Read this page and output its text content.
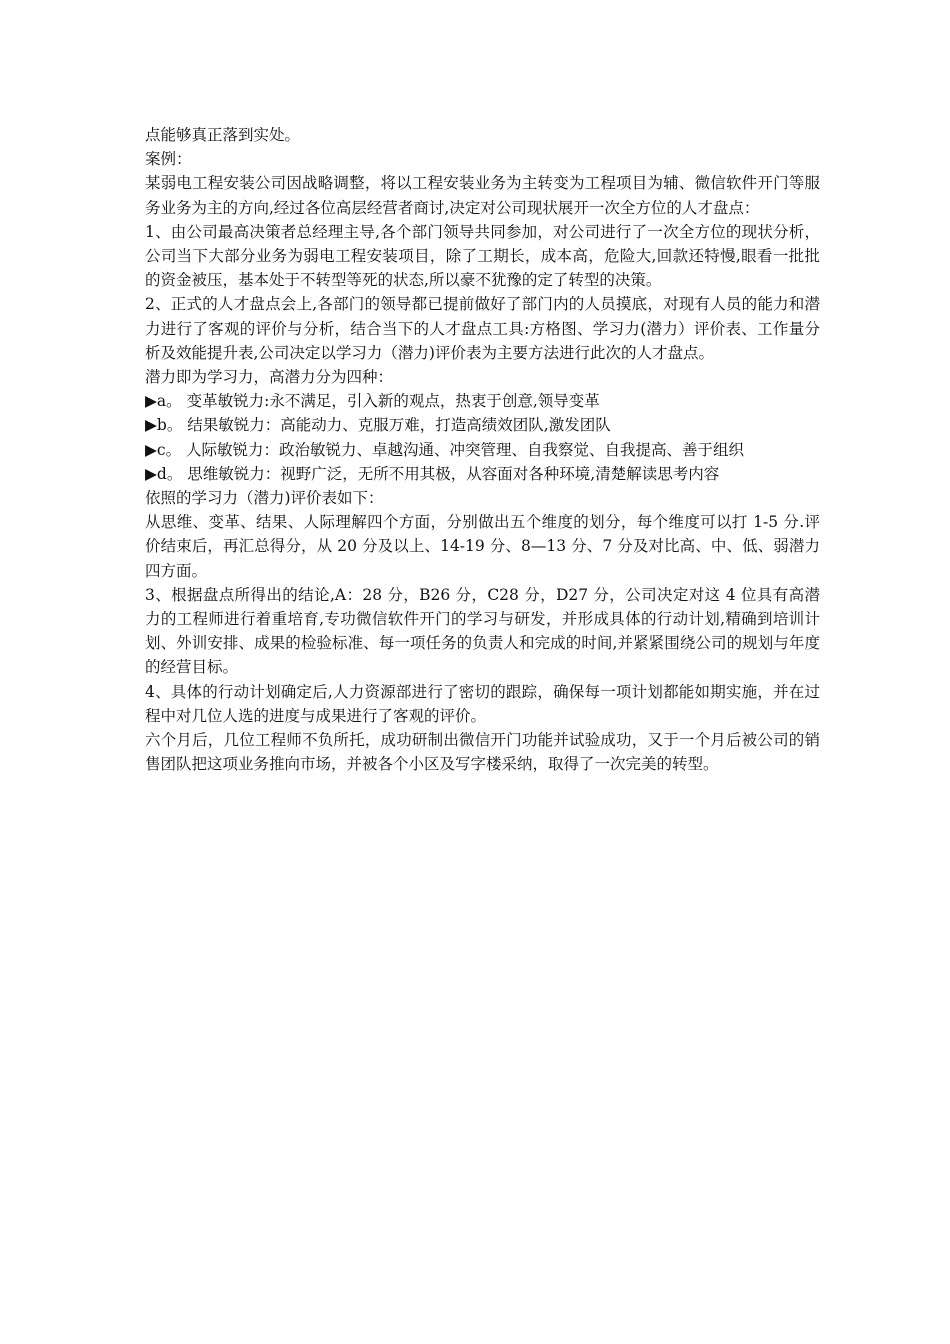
点能够真正落到实处。

案例：

某弱电工程安装公司因战略调整，将以工程安装业务为主转变为工程项目为辅、微信软件开门等服务业务为主的方向,经过各位高层经营者商讨,决定对公司现状展开一次全方位的人才盘点：

1、由公司最高决策者总经理主导,各个部门领导共同参加，对公司进行了一次全方位的现状分析，公司当下大部分业务为弱电工程安装项目，除了工期长，成本高，危险大,回款还特慢,眼看一批批的资金被压，基本处于不转型等死的状态,所以豪不犹豫的定了转型的决策。

2、正式的人才盘点会上,各部门的领导都已提前做好了部门内的人员摸底，对现有人员的能力和潜力进行了客观的评价与分析，结合当下的人才盘点工具:方格图、学习力(潜力）评价表、工作量分析及效能提升表,公司决定以学习力（潜力)评价表为主要方法进行此次的人才盘点。

潜力即为学习力，高潜力分为四种：

▶a。 变革敏锐力:永不满足，引入新的观点，热衷于创意,领导变革
▶b。 结果敏锐力：高能动力、克服万难，打造高绩效团队,激发团队
▶c。 人际敏锐力：政治敏锐力、卓越沟通、冲突管理、自我察觉、自我提高、善于组织
▶d。 思维敏锐力：视野广泛，无所不用其极，从容面对各种环境,清楚解读思考内容

依照的学习力（潜力)评价表如下：

从思维、变革、结果、人际理解四个方面，分别做出五个维度的划分，每个维度可以打 1-5 分.评价结束后，再汇总得分，从 20 分及以上、14-19 分、8—13 分、7 分及对比高、中、低、弱潜力四方面。

3、根据盘点所得出的结论,A：28 分，B26 分，C28 分，D27 分，公司决定对这 4 位具有高潜力的工程师进行着重培育,专功微信软件开门的学习与研发，并形成具体的行动计划,精确到培训计划、外训安排、成果的检验标准、每一项任务的负责人和完成的时间,并紧紧围绕公司的规划与年度的经营目标。

4、具体的行动计划确定后,人力资源部进行了密切的跟踪，确保每一项计划都能如期实施，并在过程中对几位人选的进度与成果进行了客观的评价。

六个月后，几位工程师不负所托，成功研制出微信开门功能并试验成功，又于一个月后被公司的销售团队把这项业务推向市场，并被各个小区及写字楼采纳，取得了一次完美的转型。
